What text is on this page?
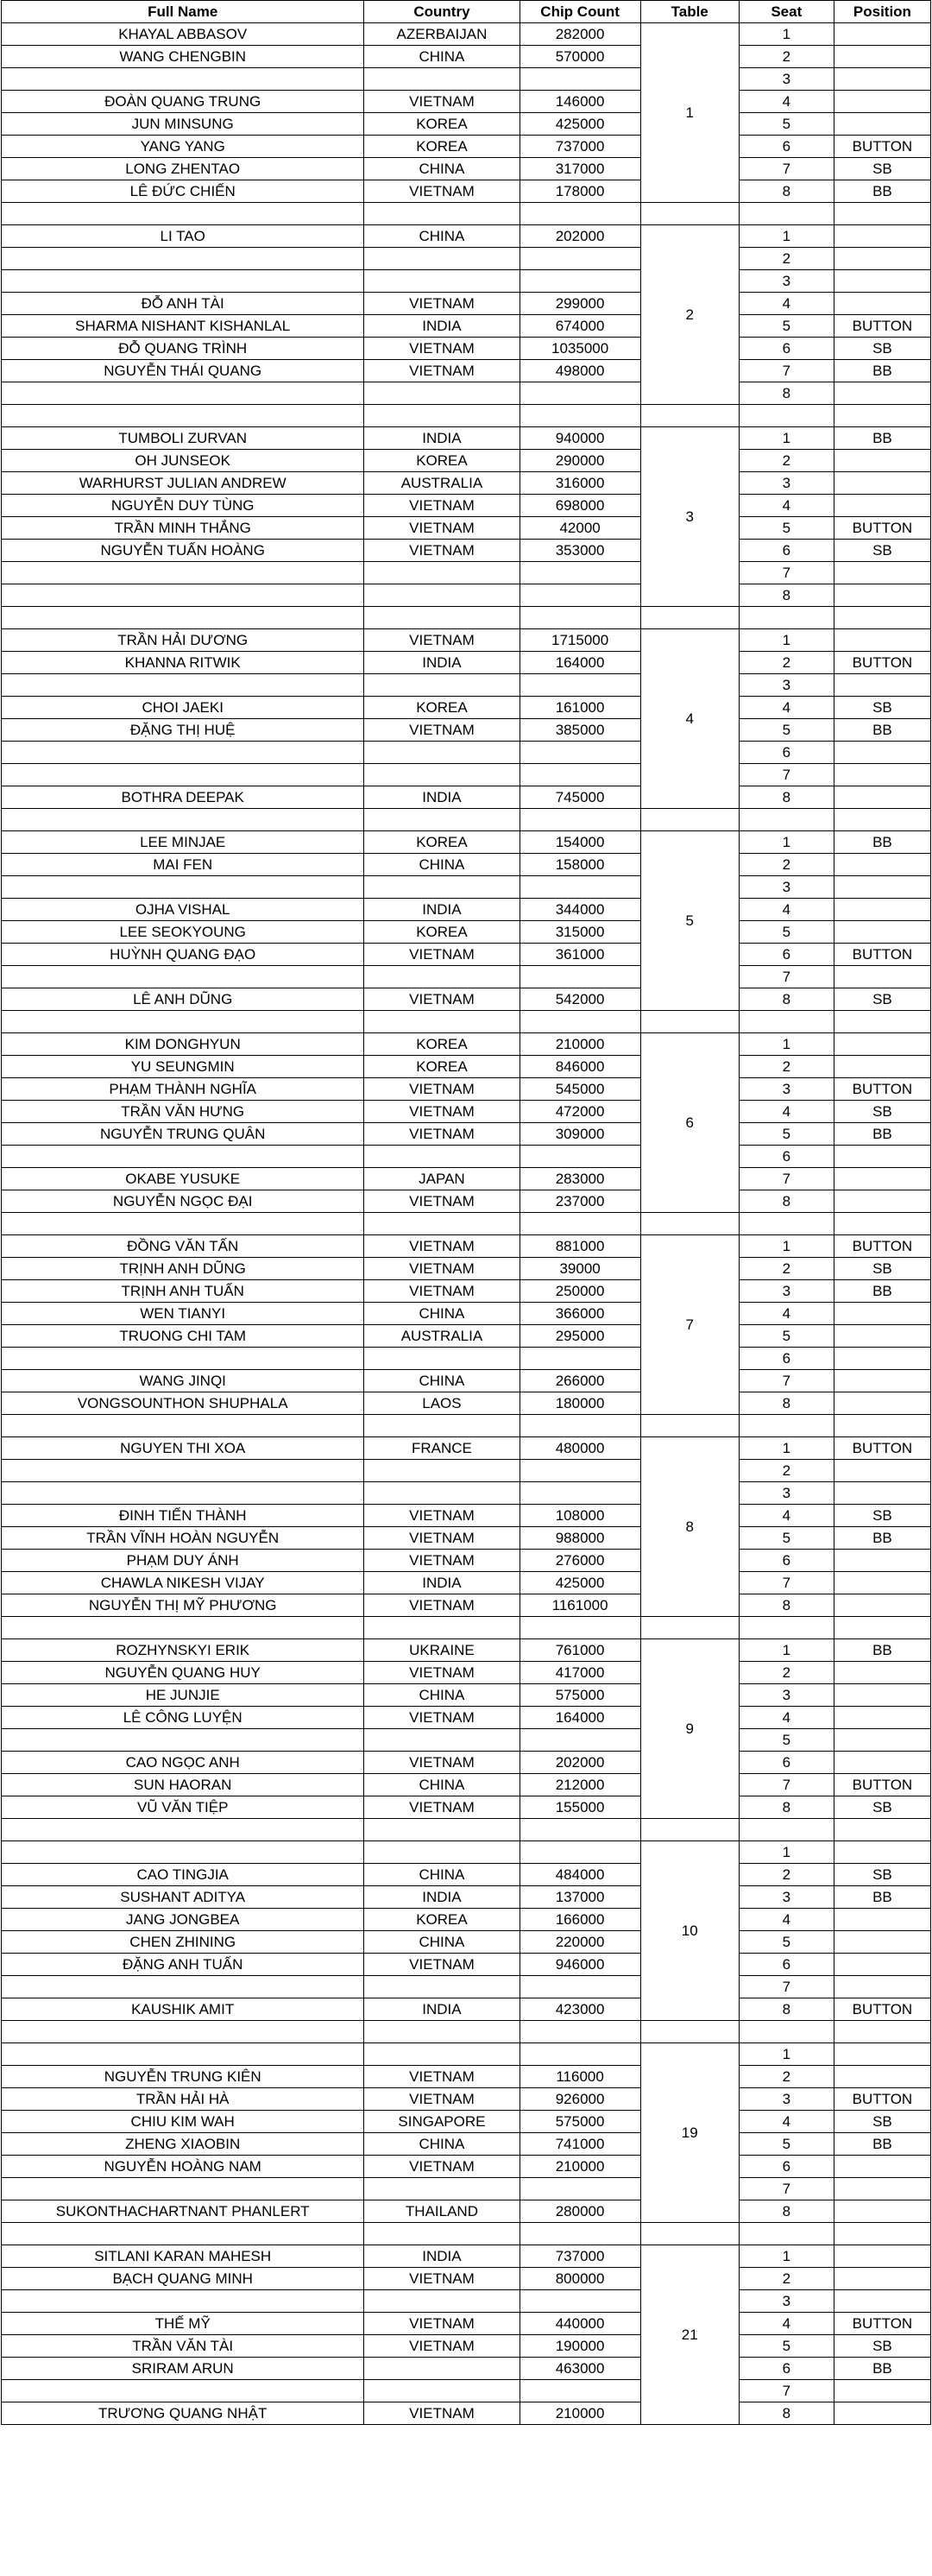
Full Name	Country	Chip Count	Table	Seat	Position
KHAYAL ABBASOV	AZERBAIJAN	282000	1	1	
WANG CHENGBIN	CHINA	570000		2	
				3	
ĐOÀN QUANG TRUNG	VIETNAM	146000		4	
JUN MINSUNG	KOREA	425000		5	
YANG YANG	KOREA	737000		6	BUTTON
LONG ZHENTAO	CHINA	317000		7	SB
LÊ ĐỨC CHIẾN	VIETNAM	178000		8	BB

LI TAO	CHINA	202000	2	1	
				2	
				3	
ĐỖ ANH TÀI	VIETNAM	299000		4	
SHARMA NISHANT KISHANLAL	INDIA	674000		5	BUTTON
ĐỖ QUANG TRÌNH	VIETNAM	1035000		6	SB
NGUYỄN THÁI QUANG	VIETNAM	498000		7	BB
				8	

TUMBOLI ZURVAN	INDIA	940000	3	1	BB
OH JUNSEOK	KOREA	290000		2	
WARHURST JULIAN ANDREW	AUSTRALIA	316000		3	
NGUYỄN DUY TÙNG	VIETNAM	698000		4	
TRẦN MINH THẮNG	VIETNAM	42000		5	BUTTON
NGUYỄN TUẤN HOÀNG	VIETNAM	353000		6	SB
				7	
				8	

TRẦN HẢI DƯƠNG	VIETNAM	1715000	4	1	
KHANNA RITWIK	INDIA	164000		2	BUTTON
				3	
CHOI JAEKI	KOREA	161000		4	SB
ĐẶNG THỊ HUỆ	VIETNAM	385000		5	BB
				6	
				7	
BOTHRA DEEPAK	INDIA	745000		8	

LEE MINJAE	KOREA	154000	5	1	BB
MAI FEN	CHINA	158000		2	
				3	
OJHA VISHAL	INDIA	344000		4	
LEE SEOKYOUNG	KOREA	315000		5	
HUỲNH QUANG ĐẠO	VIETNAM	361000		6	BUTTON
				7	
LÊ ANH DŨNG	VIETNAM	542000		8	SB

KIM DONGHYUN	KOREA	210000	6	1	
YU SEUNGMIN	KOREA	846000		2	
PHẠM THÀNH NGHĨA	VIETNAM	545000		3	BUTTON
TRẦN VĂN HƯNG	VIETNAM	472000		4	SB
NGUYỄN TRUNG QUÂN	VIETNAM	309000		5	BB
				6	
OKABE YUSUKE	JAPAN	283000		7	
NGUYỄN NGỌC ĐẠI	VIETNAM	237000		8	

ĐỒNG VĂN TẤN	VIETNAM	881000	7	1	BUTTON
TRỊNH ANH DŨNG	VIETNAM	39000		2	SB
TRỊNH ANH TUẤN	VIETNAM	250000		3	BB
WEN TIANYI	CHINA	366000		4	
TRUONG CHI TAM	AUSTRALIA	295000		5	
				6	
WANG JINQI	CHINA	266000		7	
VONGSOUNTHON SHUPHALA	LAOS	180000		8	

NGUYEN THI XOA	FRANCE	480000	8	1	BUTTON
				2	
				3	
ĐINH TIẾN THÀNH	VIETNAM	108000		4	SB
TRẦN VĨNH HOÀN NGUYỄN	VIETNAM	988000		5	BB
PHẠM DUY ÁNH	VIETNAM	276000		6	
CHAWLA NIKESH VIJAY	INDIA	425000		7	
NGUYỄN THỊ MỸ PHƯƠNG	VIETNAM	1161000		8	

ROZHYNSKYI ERIK	UKRAINE	761000	9	1	BB
NGUYỄN QUANG HUY	VIETNAM	417000		2	
HE JUNJIE	CHINA	575000		3	
LÊ CÔNG LUYỆN	VIETNAM	164000		4	
				5	
CAO NGỌC ANH	VIETNAM	202000		6	
SUN HAORAN	CHINA	212000		7	BUTTON
VŨ VĂN TIỆP	VIETNAM	155000		8	SB

			10	1	
CAO TINGJIA	CHINA	484000		2	SB
SUSHANT ADITYA	INDIA	137000		3	BB
JANG JONGBEA	KOREA	166000		4	
CHEN ZHINING	CHINA	220000		5	
ĐẶNG ANH TUẤN	VIETNAM	946000		6	
				7	
KAUSHIK AMIT	INDIA	423000		8	BUTTON

			19	1	
NGUYỄN TRUNG KIÊN	VIETNAM	116000		2	
TRẦN HẢI HÀ	VIETNAM	926000		3	BUTTON
CHIU KIM WAH	SINGAPORE	575000		4	SB
ZHENG XIAOBIN	CHINA	741000		5	BB
NGUYỄN HOÀNG NAM	VIETNAM	210000		6	
				7	
SUKONTHACHARTNANT PHANLERT	THAILAND	280000		8	

SITLANI KARAN MAHESH	INDIA	737000	21	1	
BẠCH QUANG MINH	VIETNAM	800000		2	
				3	
THẾ MỸ	VIETNAM	440000		4	BUTTON
TRẦN VĂN TÀI	VIETNAM	190000		5	SB
SRIRAM ARUN		463000		6	BB
				7	
TRƯƠNG QUANG NHẬT	VIETNAM	210000		8	
